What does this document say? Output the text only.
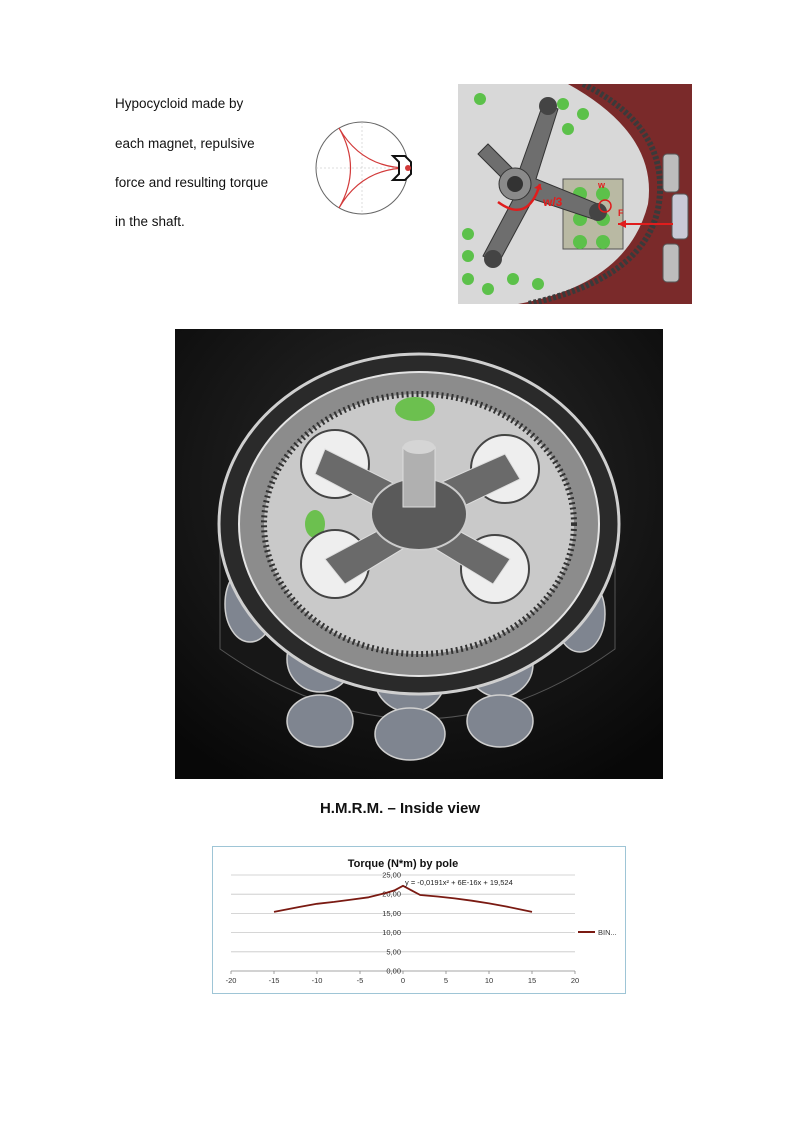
Hypocycloid made by
each magnet, repulsive
force and resulting torque
in the shaft.
w/3
w
F
H.M.R.M. – Inside view
Torque (N*m) by pole
0,00
5,00
10,00
15,00
20,00
25,00
-20	-15	-10	-5	0	5	10	15	20
y = -0,0191x² + 6E-16x + 19,524
BIN...
